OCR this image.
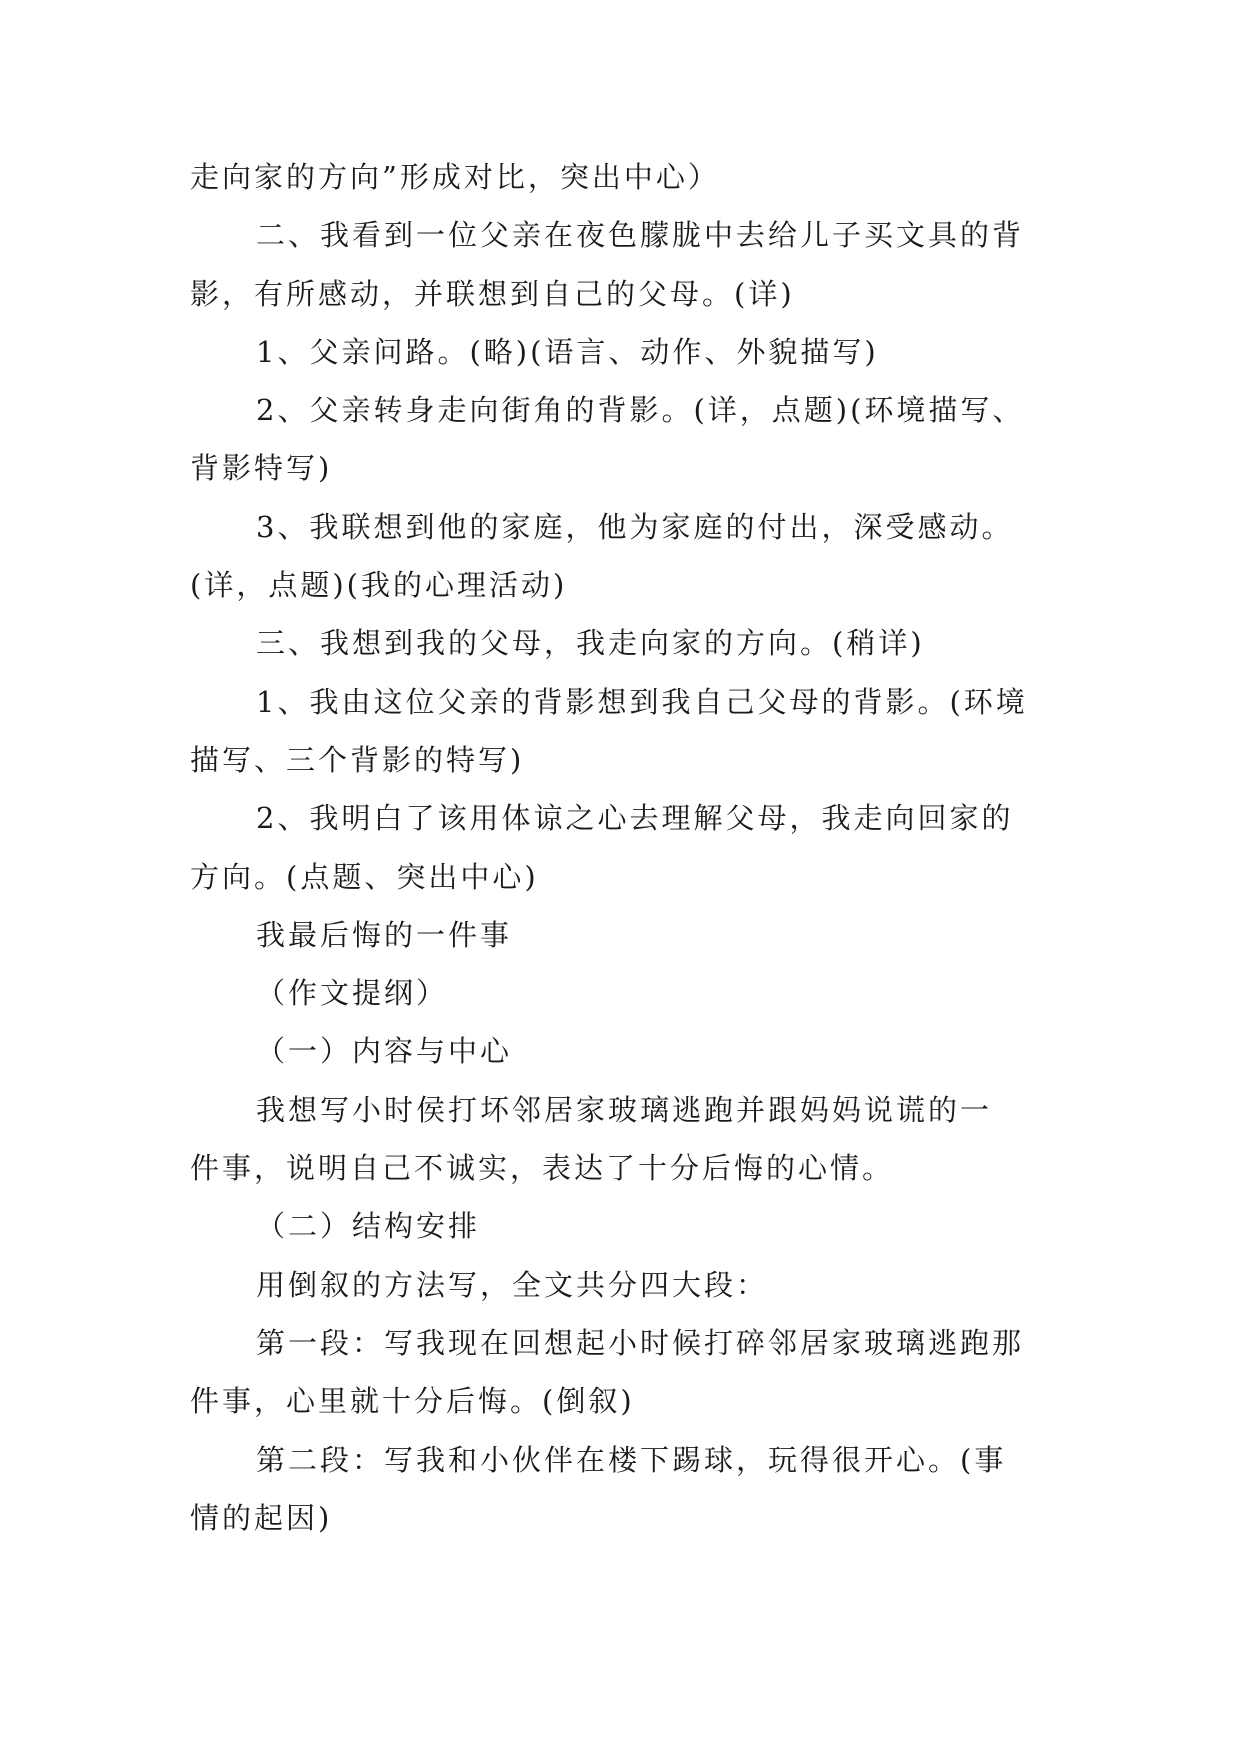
走向家的方向”形成对比，突出中心）
二、我看到一位父亲在夜色朦胧中去给儿子买文具的背
影，有所感动，并联想到自己的父母。(详)
1、父亲问路。(略)(语言、动作、外貌描写)
2、父亲转身走向街角的背影。(详，点题)(环境描写、
背影特写)
3、我联想到他的家庭，他为家庭的付出，深受感动。
(详，点题)(我的心理活动)
三、我想到我的父母，我走向家的方向。(稍详)
1、我由这位父亲的背影想到我自己父母的背影。(环境
描写、三个背影的特写)
2、我明白了该用体谅之心去理解父母，我走向回家的
方向。(点题、突出中心)
我最后悔的一件事
（作文提纲）
（一）内容与中心
我想写小时侯打坏邻居家玻璃逃跑并跟妈妈说谎的一
件事，说明自己不诚实，表达了十分后悔的心情。
（二）结构安排
用倒叙的方法写，全文共分四大段：
第一段：写我现在回想起小时候打碎邻居家玻璃逃跑那
件事，心里就十分后悔。(倒叙)
第二段：写我和小伙伴在楼下踢球，玩得很开心。(事
情的起因)
